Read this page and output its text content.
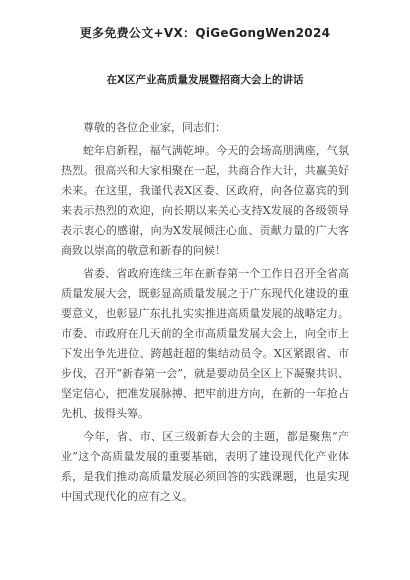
更多免费公文+VX：QiGeGongWen2024
在X区产业高质量发展暨招商大会上的讲话

尊敬的各位企业家，同志们：

蛇年启新程，福气满乾坤。今天的会场高朋满座，气氛热烈。很高兴和大家相聚在一起，共商合作大计，共赢美好未来。在这里，我谨代表X区委、区政府，向各位嘉宾的到来表示热烈的欢迎，向长期以来关心支持X发展的各级领导表示衷心的感谢，向为X发展倾注心血、贡献力量的广大客商致以崇高的敬意和新春的问候！

省委、省政府连续三年在新春第一个工作日召开全省高质量发展大会，既彰显高质量发展之于广东现代化建设的重要意义，也彰显广东扎扎实实推进高质量发展的战略定力。市委、市政府在几天前的全市高质量发展大会上，向全市上下发出争先进位、跨越赶超的集结动员令。X区紧跟省、市步伐，召开“新春第一会”，就是要动员全区上下凝聚共识、坚定信心，把准发展脉搏、把牢前进方向，在新的一年抢占先机、拔得头筹。

今年，省、市、区三级新春大会的主题，都是聚焦“产业”这个高质量发展的重要基础，表明了建设现代化产业体系，是我们推动高质量发展必须回答的实践课题，也是实现中国式现代化的应有之义。
